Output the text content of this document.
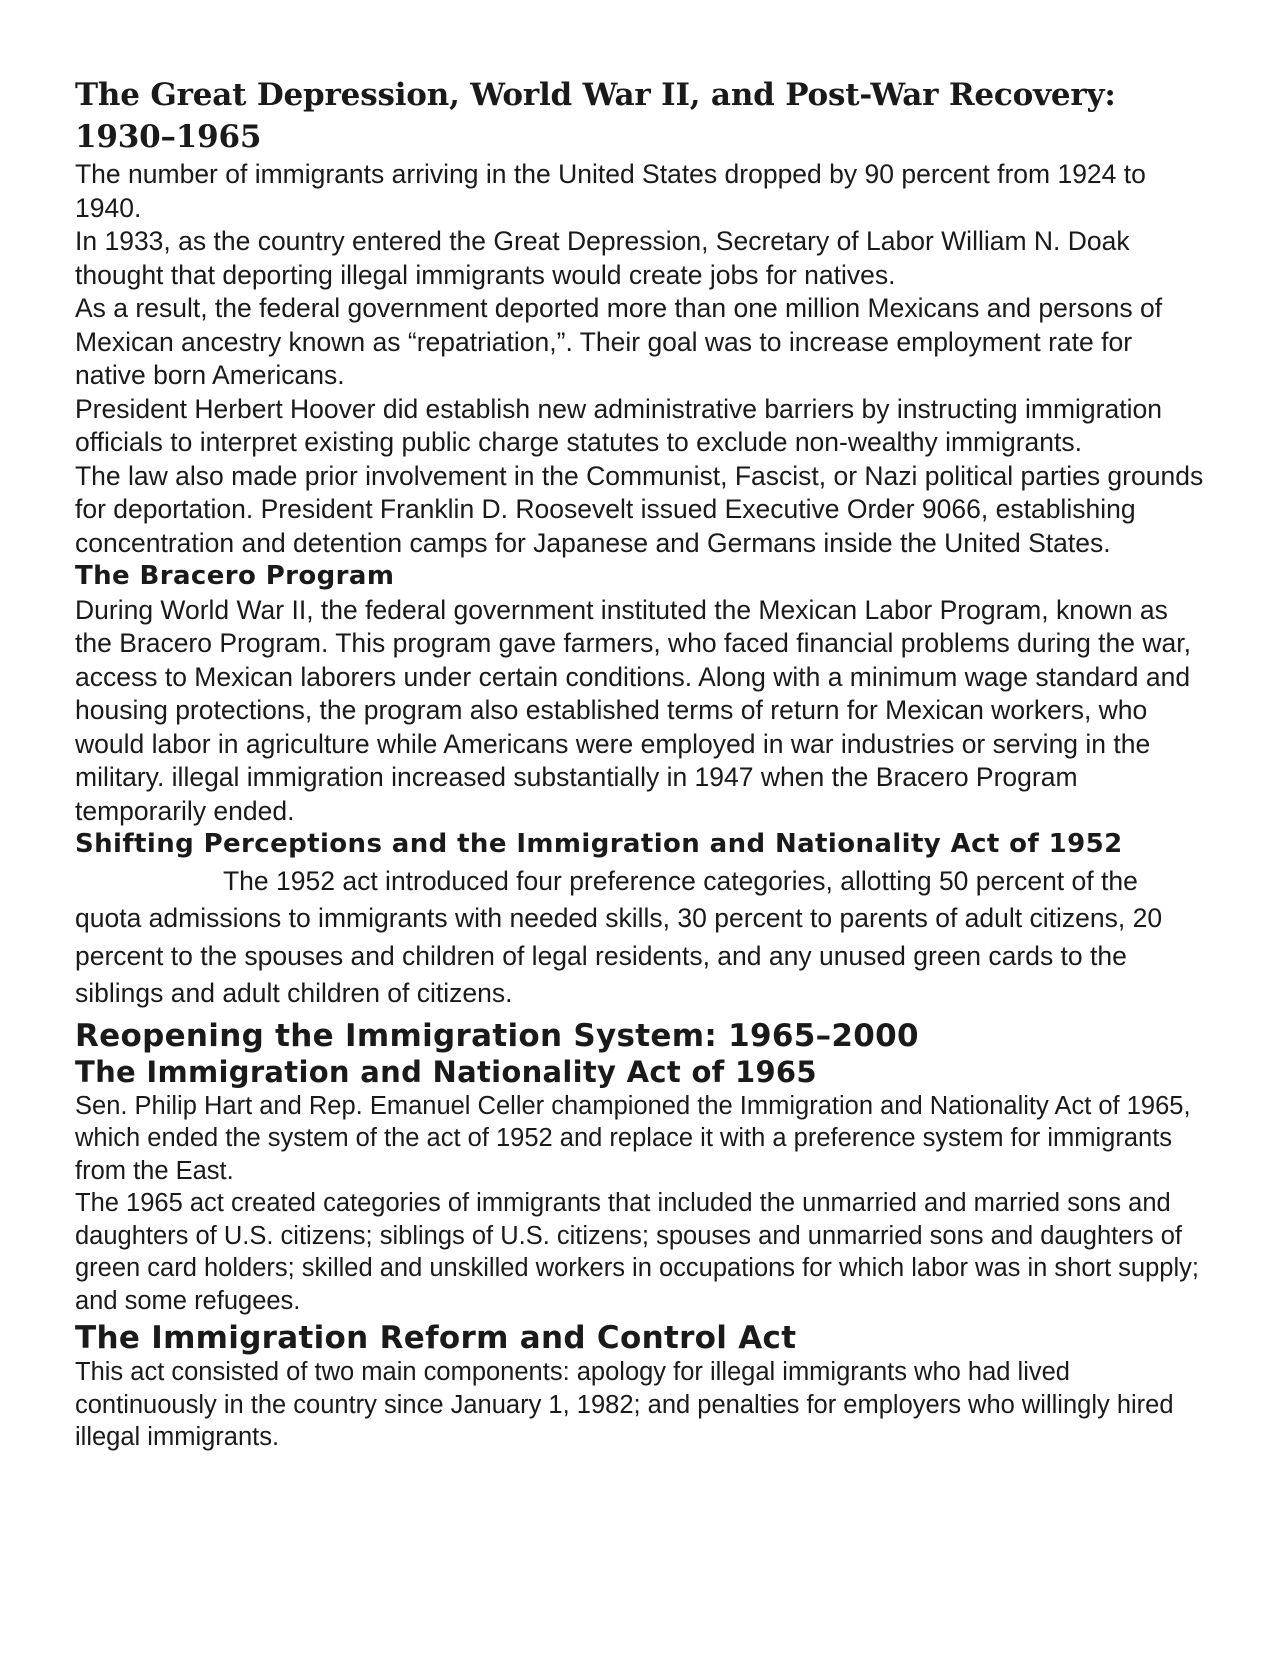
The Great Depression, World War II, and Post-War Recovery: 1930–1965

The number of immigrants arriving in the United States dropped by 90 percent from 1924 to 1940.

In 1933, as the country entered the Great Depression, Secretary of Labor William N. Doak thought that deporting illegal immigrants would create jobs for natives.

As a result, the federal government deported more than one million Mexicans and persons of Mexican ancestry known as “repatriation,”. Their goal was to increase employment rate for native born Americans.

President Herbert Hoover did establish new administrative barriers by instructing immigration officials to interpret existing public charge statutes to exclude non-wealthy immigrants.

The law also made prior involvement in the Communist, Fascist, or Nazi political parties grounds for deportation. President Franklin D. Roosevelt issued Executive Order 9066, establishing concentration and detention camps for Japanese and Germans inside the United States.

The Bracero Program

During World War II, the federal government instituted the Mexican Labor Program, known as the Bracero Program. This program gave farmers, who faced financial problems during the war, access to Mexican laborers under certain conditions. Along with a minimum wage standard and housing protections, the program also established terms of return for Mexican workers, who would labor in agriculture while Americans were employed in war industries or serving in the military. illegal immigration increased substantially in 1947 when the Bracero Program temporarily ended.

Shifting Perceptions and the Immigration and Nationality Act of 1952The 1952 act introduced four preference categories, allotting 50 percent of the quota admissions to immigrants with needed skills, 30 percent to parents of adult citizens, 20 percent to the spouses and children of legal residents, and any unused green cards to the siblings and adult children of citizens.

Reopening the Immigration System: 1965–2000
The Immigration and Nationality Act of 1965

Sen. Philip Hart and Rep. Emanuel Celler championed the Immigration and Nationality Act of 1965, which ended the system of the act of 1952 and replace it with a preference system for immigrants from the East.

The 1965 act created categories of immigrants that included the unmarried and married sons and daughters of U.S. citizens; siblings of U.S. citizens; spouses and unmarried sons and daughters of green card holders; skilled and unskilled workers in occupations for which labor was in short supply; and some refugees.

The Immigration Reform and Control Act

This act consisted of two main components: apology for illegal immigrants who had lived continuously in the country since January 1, 1982; and penalties for employers who willingly hired illegal immigrants.
